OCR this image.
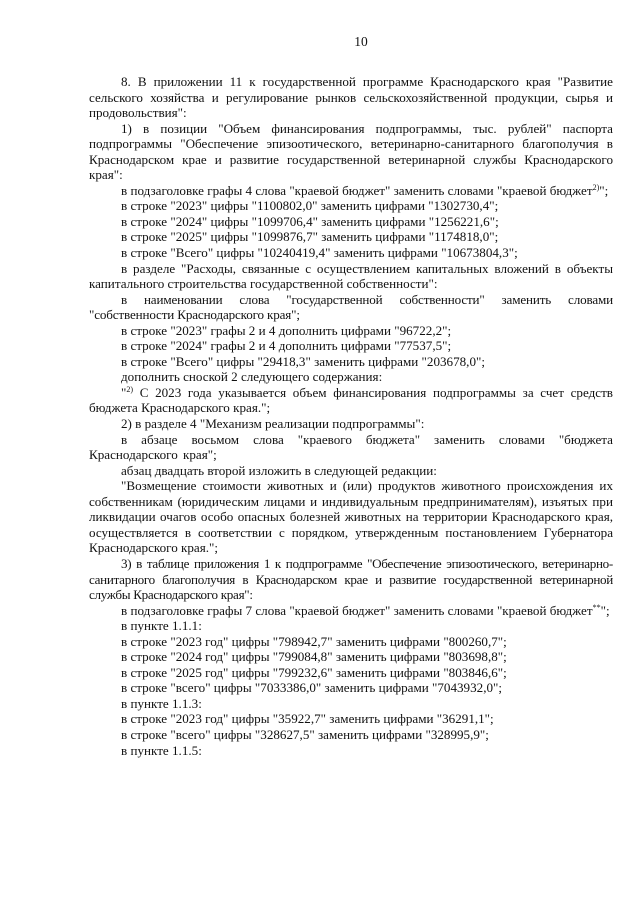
10

8. В приложении 11 к государственной программе Краснодарского края "Развитие сельского хозяйства и регулирование рынков сельскохозяйственной продукции, сырья и продовольствия":

1) в позиции "Объем финансирования подпрограммы, тыс. рублей" паспорта подпрограммы "Обеспечение эпизоотического, ветеринарно-санитарного благополучия в Краснодарском крае и развитие государственной ветеринарной службы Краснодарского края":

в подзаголовке графы 4 слова "краевой бюджет" заменить словами "краевой бюджет$^{2)}$";

в строке "2023" цифры "1100802,0" заменить цифрами "1302730,4";

в строке "2024" цифры "1099706,4" заменить цифрами "1256221,6";

в строке "2025" цифры "1099876,7" заменить цифрами "1174818,0";

в строке "Всего" цифры "10240419,4" заменить цифрами "10673804,3";

в разделе "Расходы, связанные с осуществлением капитальных вложений в объекты капитального строительства государственной собственности":

в наименовании слова "государственной собственности" заменить словами "собственности Краснодарского края";

в строке "2023" графы 2 и 4 дополнить цифрами "96722,2";

в строке "2024" графы 2 и 4 дополнить цифрами "77537,5";

в строке "Всего" цифры "29418,3" заменить цифрами "203678,0";

дополнить сноской 2 следующего содержания:

"$^{2)}$ С 2023 года указывается объем финансирования подпрограммы за счет средств бюджета Краснодарского края.";

2) в разделе 4 "Механизм реализации подпрограммы":

в абзаце восьмом слова "краевого бюджета" заменить словами "бюджета Краснодарского края";

абзац двадцать второй изложить в следующей редакции:

"Возмещение стоимости животных и (или) продуктов животного происхождения их собственникам (юридическим лицами и индивидуальным предпринимателям), изъятых при ликвидации очагов особо опасных болезней животных на территории Краснодарского края, осуществляется в соответствии с порядком, утвержденным постановлением Губернатора Краснодарского края.";

3) в таблице приложения 1 к подпрограмме "Обеспечение эпизоотического, ветеринарно-санитарного благополучия в Краснодарском крае и развитие государственной ветеринарной службы Краснодарского края":

в подзаголовке графы 7 слова "краевой бюджет" заменить словами "краевой бюджет**";

в пункте 1.1.1:

в строке "2023 год" цифры "798942,7" заменить цифрами "800260,7";

в строке "2024 год" цифры "799084,8" заменить цифрами "803698,8";

в строке "2025 год" цифры "799232,6" заменить цифрами "803846,6";

в строке "всего" цифры "7033386,0" заменить цифрами "7043932,0";

в пункте 1.1.3:

в строке "2023 год" цифры "35922,7" заменить цифрами "36291,1";

в строке "всего" цифры "328627,5" заменить цифрами "328995,9";

в пункте 1.1.5:
